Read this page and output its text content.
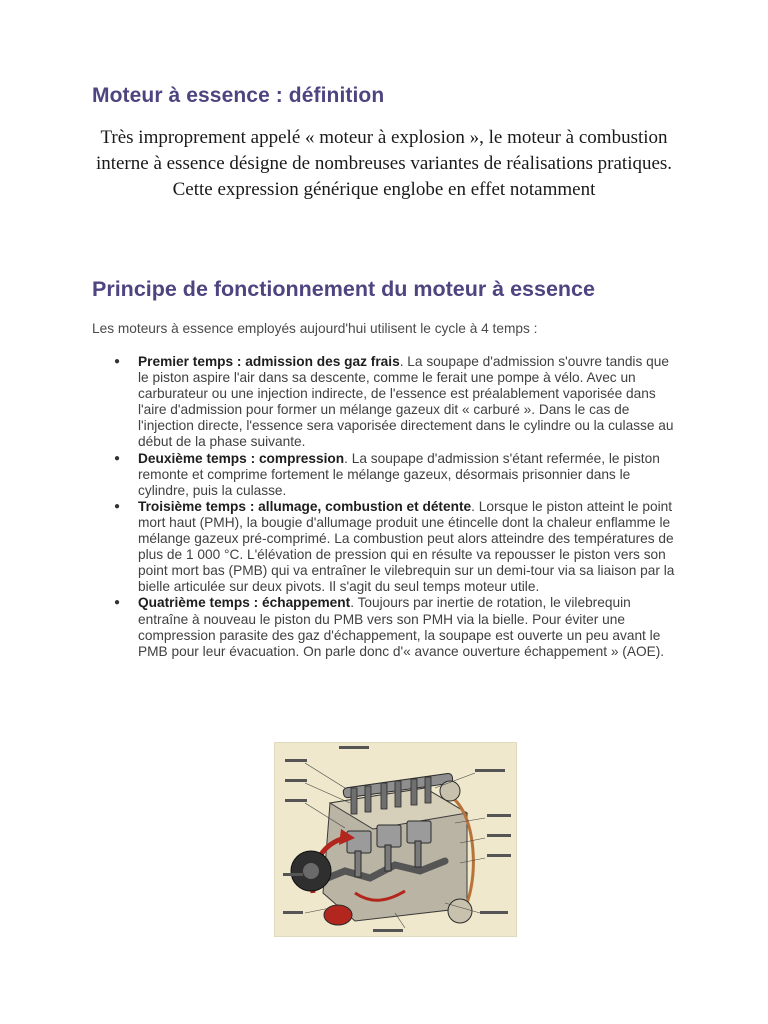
Moteur à essence : définition

Très improprement appelé « moteur à explosion », le moteur à combustion interne à essence désigne de nombreuses variantes de réalisations pratiques. Cette expression générique englobe en effet notamment

Principe de fonctionnement du moteur à essence

Les moteurs à essence employés aujourd'hui utilisent le cycle à 4 temps :

● Premier temps : admission des gaz frais. La soupape d'admission s'ouvre tandis que le piston aspire l'air dans sa descente, comme le ferait une pompe à vélo. Avec un carburateur ou une injection indirecte, de l'essence est préalablement vaporisée dans l'aire d'admission pour former un mélange gazeux dit « carburé ». Dans le cas de l'injection directe, l'essence sera vaporisée directement dans le cylindre ou la culasse au début de la phase suivante.
● Deuxième temps : compression. La soupape d'admission s'étant refermée, le piston remonte et comprime fortement le mélange gazeux, désormais prisonnier dans le cylindre, puis la culasse.
● Troisième temps : allumage, combustion et détente. Lorsque le piston atteint le point mort haut (PMH), la bougie d'allumage produit une étincelle dont la chaleur enflamme le mélange gazeux pré-comprimé. La combustion peut alors atteindre des températures de plus de 1 000 °C. L'élévation de pression qui en résulte va repousser le piston vers son point mort bas (PMB) qui va entraîner le vilebrequin sur un demi-tour via sa liaison par la bielle articulée sur deux pivots. Il s'agit du seul temps moteur utile.
● Quatrième temps : échappement. Toujours par inertie de rotation, le vilebrequin entraîne à nouveau le piston du PMB vers son PMH via la bielle. Pour éviter une compression parasite des gaz d'échappement, la soupape est ouverte un peu avant le PMB pour leur évacuation. On parle donc d'« avance ouverture échappement » (AOE).
